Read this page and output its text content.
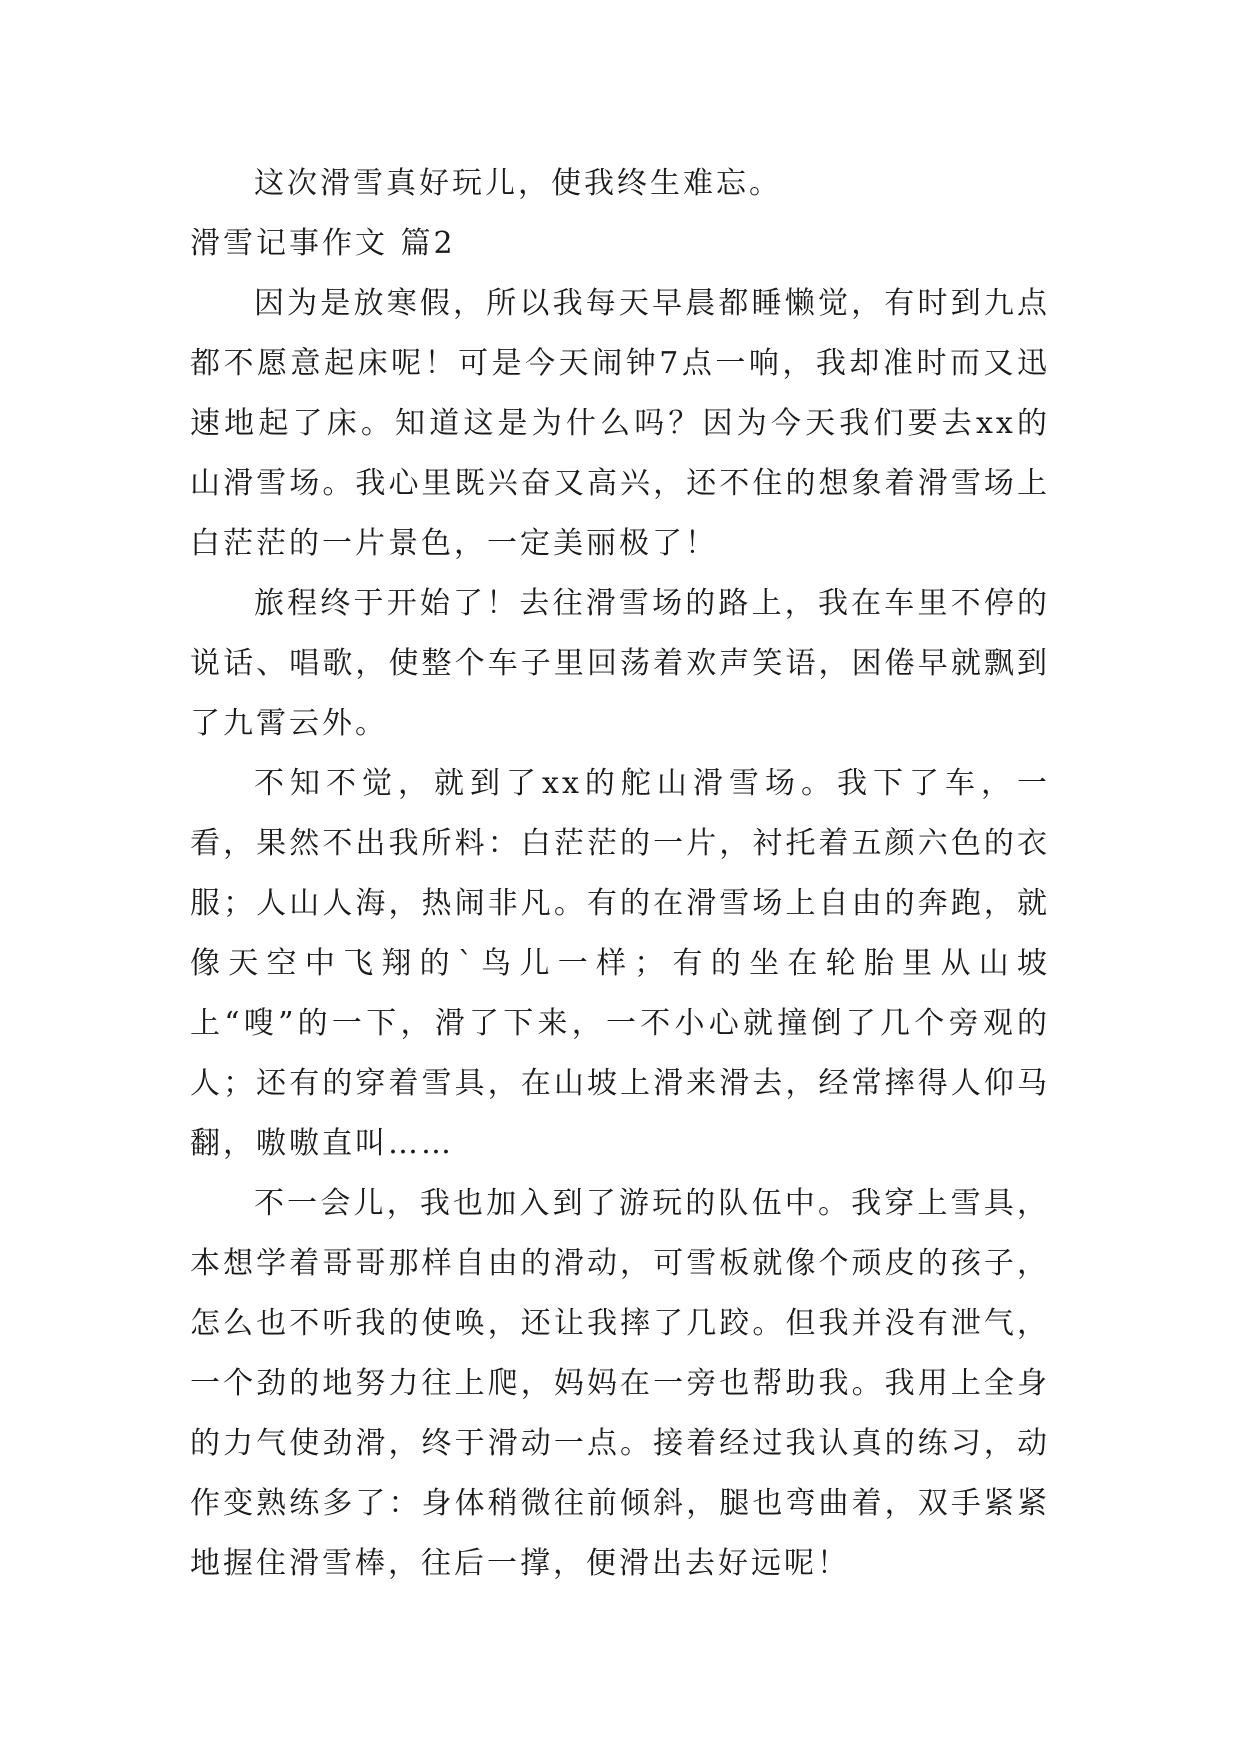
这次滑雪真好玩儿，使我终生难忘。

滑雪记事作文 篇2

因为是放寒假，所以我每天早晨都睡懒觉，有时到九点都不愿意起床呢！可是今天闹钟7点一响，我却准时而又迅速地起了床。知道这是为什么吗？因为今天我们要去xx的山滑雪场。我心里既兴奋又高兴，还不住的想象着滑雪场上白茫茫的一片景色，一定美丽极了！

旅程终于开始了！去往滑雪场的路上，我在车里不停的说话、唱歌，使整个车子里回荡着欢声笑语，困倦早就飘到了九霄云外。

不知不觉，就到了xx的舵山滑雪场。我下了车，一看，果然不出我所料：白茫茫的一片，衬托着五颜六色的衣服；人山人海，热闹非凡。有的在滑雪场上自由的奔跑，就像天空中飞翔的`鸟儿一样；有的坐在轮胎里从山坡上“嗖”的一下，滑了下来，一不小心就撞倒了几个旁观的人；还有的穿着雪具，在山坡上滑来滑去，经常摔得人仰马翻，嗷嗷直叫……

不一会儿，我也加入到了游玩的队伍中。我穿上雪具，本想学着哥哥那样自由的滑动，可雪板就像个顽皮的孩子，怎么也不听我的使唤，还让我摔了几跤。但我并没有泄气，一个劲的地努力往上爬，妈妈在一旁也帮助我。我用上全身的力气使劲滑，终于滑动一点。接着经过我认真的练习，动作变熟练多了：身体稍微往前倾斜，腿也弯曲着，双手紧紧地握住滑雪棒，往后一撑，便滑出去好远呢！
